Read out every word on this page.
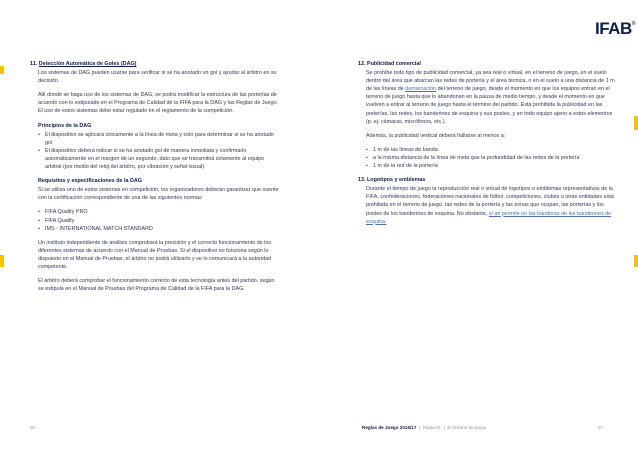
IFAB®
11. Detección Automática de Goles (DAG)

Los sistemas de DAG pueden usarse para verificar si se ha anotado un gol y ayudar al árbitro en su decisión.

Allí donde se haga uso de los sistemas de DAG, se podrá modificar la estructura de las porterías de acuerdo con lo estipulado en el Programa de Calidad de la FIFA para la DAG y las Reglas de Juego. El uso de estos sistemas debe estar regulado en el reglamento de la competición.

Principios de la DAG
• El dispositivo se aplicará únicamente a la línea de meta y solo para determinar si se ha anotado gol
• El dispositivo deberá indicar si se ha anotado gol de manera inmediata y confirmarlo automáticamente en el margen de un segundo, dato que se transmitirá solamente al equipo arbitral (por medio del reloj del árbitro, por vibración y señal visual).
Requisitos y especificaciones de la DAG

Si se utiliza uno de estos sistemas en competición, los organizadores deberán garantizar que cuente con la certificación correspondiente de una de las siguientes normas:

• FIFA Quality PRO
• FIFA Quality
• IMS - INTERNATIONAL MATCH STANDARD

Un instituto independiente de análisis comprobará la precisión y el correcto funcionamiento de los diferentes sistemas de acuerdo con el Manual de Pruebas. Si el dispositivo no funciona según lo dispuesto en el Manual de Pruebas, el árbitro no podrá utilizarlo y se lo comunicará a la autoridad competente.

El árbitro deberá comprobar el funcionamiento correcto de esta tecnología antes del partido, según se estipula en el Manual de Pruebas del Programa de Calidad de la FIFA para la DAG.

12. Publicidad comercial

Se prohíbe todo tipo de publicidad comercial, ya sea real o virtual, en el terreno de juego, en el suelo dentro del área que abarcan las redes de portería y el área técnica, o en el suelo a una distancia de 1 m de las líneas de demarcación del terreno de juego, desde el momento en que los equipos entran en el terreno de juego hasta que lo abandonan en la pausa de medio tiempo, y desde el momento en que vuelven a entrar al terreno de juego hasta el término del partido. Está prohibida la publicidad en las porterías, las redes, los banderines de esquina y sus postes, y en todo equipo ajeno a estos elementos (p. ej. cámaras, micrófonos, etc.).

Además, la publicidad vertical deberá hallarse al menos a:

• 1 m de las líneas de banda
• a la misma distancia de la línea de meta que la profundidad de las redes de la portería
• 1 m de la red de la portería
13. Logotipos y emblemas

Durante el tiempo de juego la reproducción real o virtual de logotipos o emblemas representativos de la FIFA, confederaciones, federaciones nacionales de fútbol, competiciones, clubes u otras entidades está prohibida en el terreno de juego, las redes de la portería y las zonas que ocupan, las porterías y los postes de los banderines de esquina. No obstante, sí se permite en las banderas de los banderines de esquina.

26	Reglas de Juego 2016/17  |  Regla 01  |  El terreno de juego	27
